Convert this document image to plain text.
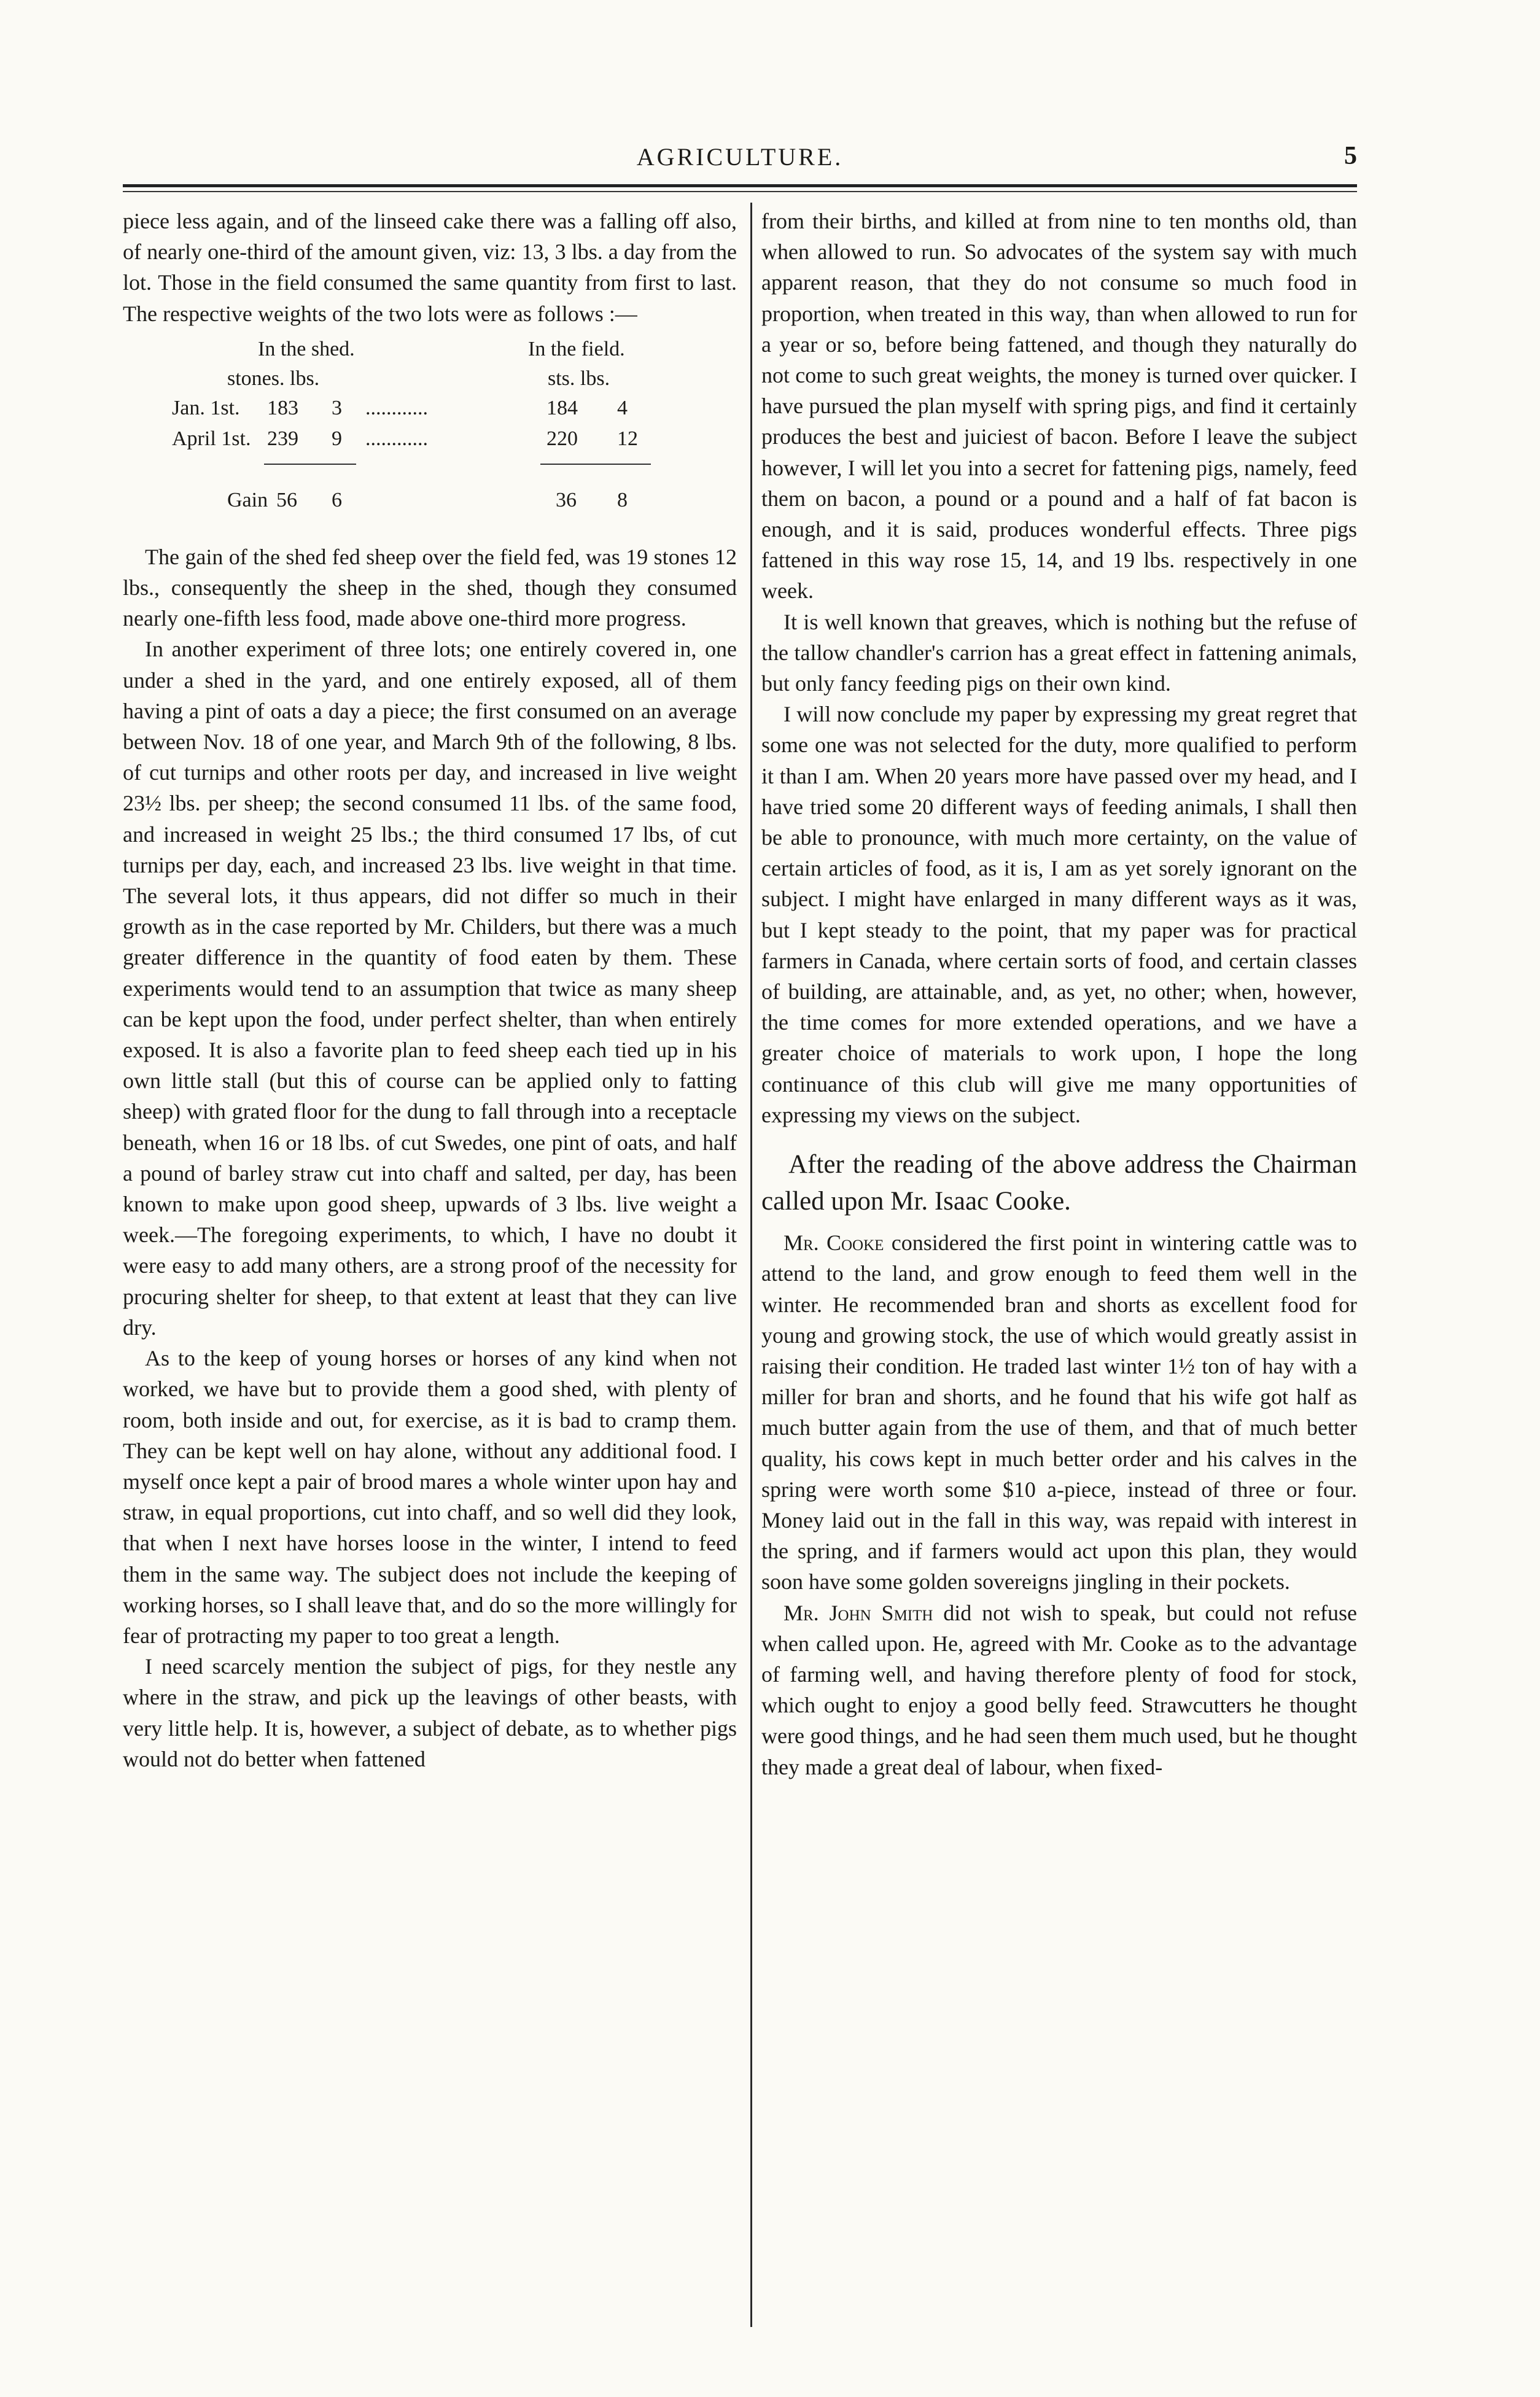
AGRICULTURE.	5

piece less again, and of the linseed cake there was a falling off also, of nearly one-third of the amount given, viz: 13, 3 lbs. a day from the lot. Those in the field consumed the same quantity from first to last. The respective weights of the two lots were as follows :—

In the shed.	In the field.
stones. lbs.	sts. lbs.
Jan. 1st. 183 3 ............	184 4
April 1st. 239 9 ............	220 12
Gain 56 6	36 8

The gain of the shed fed sheep over the field fed, was 19 stones 12 lbs., consequently the sheep in the shed, though they consumed nearly one-fifth less food, made above one-third more progress.

In another experiment of three lots; one entirely covered in, one under a shed in the yard, and one entirely exposed, all of them having a pint of oats a day a piece; the first consumed on an average between Nov. 18 of one year, and March 9th of the following, 8 lbs. of cut turnips and other roots per day, and increased in live weight 23½ lbs. per sheep; the second consumed 11 lbs. of the same food, and increased in weight 25 lbs.; the third consumed 17 lbs, of cut turnips per day, each, and increased 23 lbs. live weight in that time. The several lots, it thus appears, did not differ so much in their growth as in the case reported by Mr. Childers, but there was a much greater difference in the quantity of food eaten by them. These experiments would tend to an assumption that twice as many sheep can be kept upon the food, under perfect shelter, than when entirely exposed. It is also a favorite plan to feed sheep each tied up in his own little stall (but this of course can be applied only to fatting sheep) with grated floor for the dung to fall through into a receptacle beneath, when 16 or 18 lbs. of cut Swedes, one pint of oats, and half a pound of barley straw cut into chaff and salted, per day, has been known to make upon good sheep, upwards of 3 lbs. live weight a week.—The foregoing experiments, to which, I have no doubt it were easy to add many others, are a strong proof of the necessity for procuring shelter for sheep, to that extent at least that they can live dry.

As to the keep of young horses or horses of any kind when not worked, we have but to provide them a good shed, with plenty of room, both inside and out, for exercise, as it is bad to cramp them. They can be kept well on hay alone, without any additional food. I myself once kept a pair of brood mares a whole winter upon hay and straw, in equal proportions, cut into chaff, and so well did they look, that when I next have horses loose in the winter, I intend to feed them in the same way. The subject does not include the keeping of working horses, so I shall leave that, and do so the more willingly for fear of protracting my paper to too great a length.

I need scarcely mention the subject of pigs, for they nestle any where in the straw, and pick up the leavings of other beasts, with very little help. It is, however, a subject of debate, as to whether pigs would not do better when fattened

from their births, and killed at from nine to ten months old, than when allowed to run. So advocates of the system say with much apparent reason, that they do not consume so much food in proportion, when treated in this way, than when allowed to run for a year or so, before being fattened, and though they naturally do not come to such great weights, the money is turned over quicker. I have pursued the plan myself with spring pigs, and find it certainly produces the best and juiciest of bacon. Before I leave the subject however, I will let you into a secret for fattening pigs, namely, feed them on bacon, a pound or a pound and a half of fat bacon is enough, and it is said, produces wonderful effects. Three pigs fattened in this way rose 15, 14, and 19 lbs. respectively in one week.

It is well known that greaves, which is nothing but the refuse of the tallow chandler's carrion has a great effect in fattening animals, but only fancy feeding pigs on their own kind.

I will now conclude my paper by expressing my great regret that some one was not selected for the duty, more qualified to perform it than I am. When 20 years more have passed over my head, and I have tried some 20 different ways of feeding animals, I shall then be able to pronounce, with much more certainty, on the value of certain articles of food, as it is, I am as yet sorely ignorant on the subject. I might have enlarged in many different ways as it was, but I kept steady to the point, that my paper was for practical farmers in Canada, where certain sorts of food, and certain classes of building, are attainable, and, as yet, no other; when, however, the time comes for more extended operations, and we have a greater choice of materials to work upon, I hope the long continuance of this club will give me many opportunities of expressing my views on the subject.

After the reading of the above address the Chairman called upon Mr. Isaac Cooke.

Mr. Cooke considered the first point in wintering cattle was to attend to the land, and grow enough to feed them well in the winter. He recommended bran and shorts as excellent food for young and growing stock, the use of which would greatly assist in raising their condition. He traded last winter 1½ ton of hay with a miller for bran and shorts, and he found that his wife got half as much butter again from the use of them, and that of much better quality, his cows kept in much better order and his calves in the spring were worth some $10 a-piece, instead of three or four. Money laid out in the fall in this way, was repaid with interest in the spring, and if farmers would act upon this plan, they would soon have some golden sovereigns jingling in their pockets.

Mr. John Smith did not wish to speak, but could not refuse when called upon. He, agreed with Mr. Cooke as to the advantage of farming well, and having therefore plenty of food for stock, which ought to enjoy a good belly feed. Strawcutters he thought were good things, and he had seen them much used, but he thought they made a great deal of labour, when fixed-
